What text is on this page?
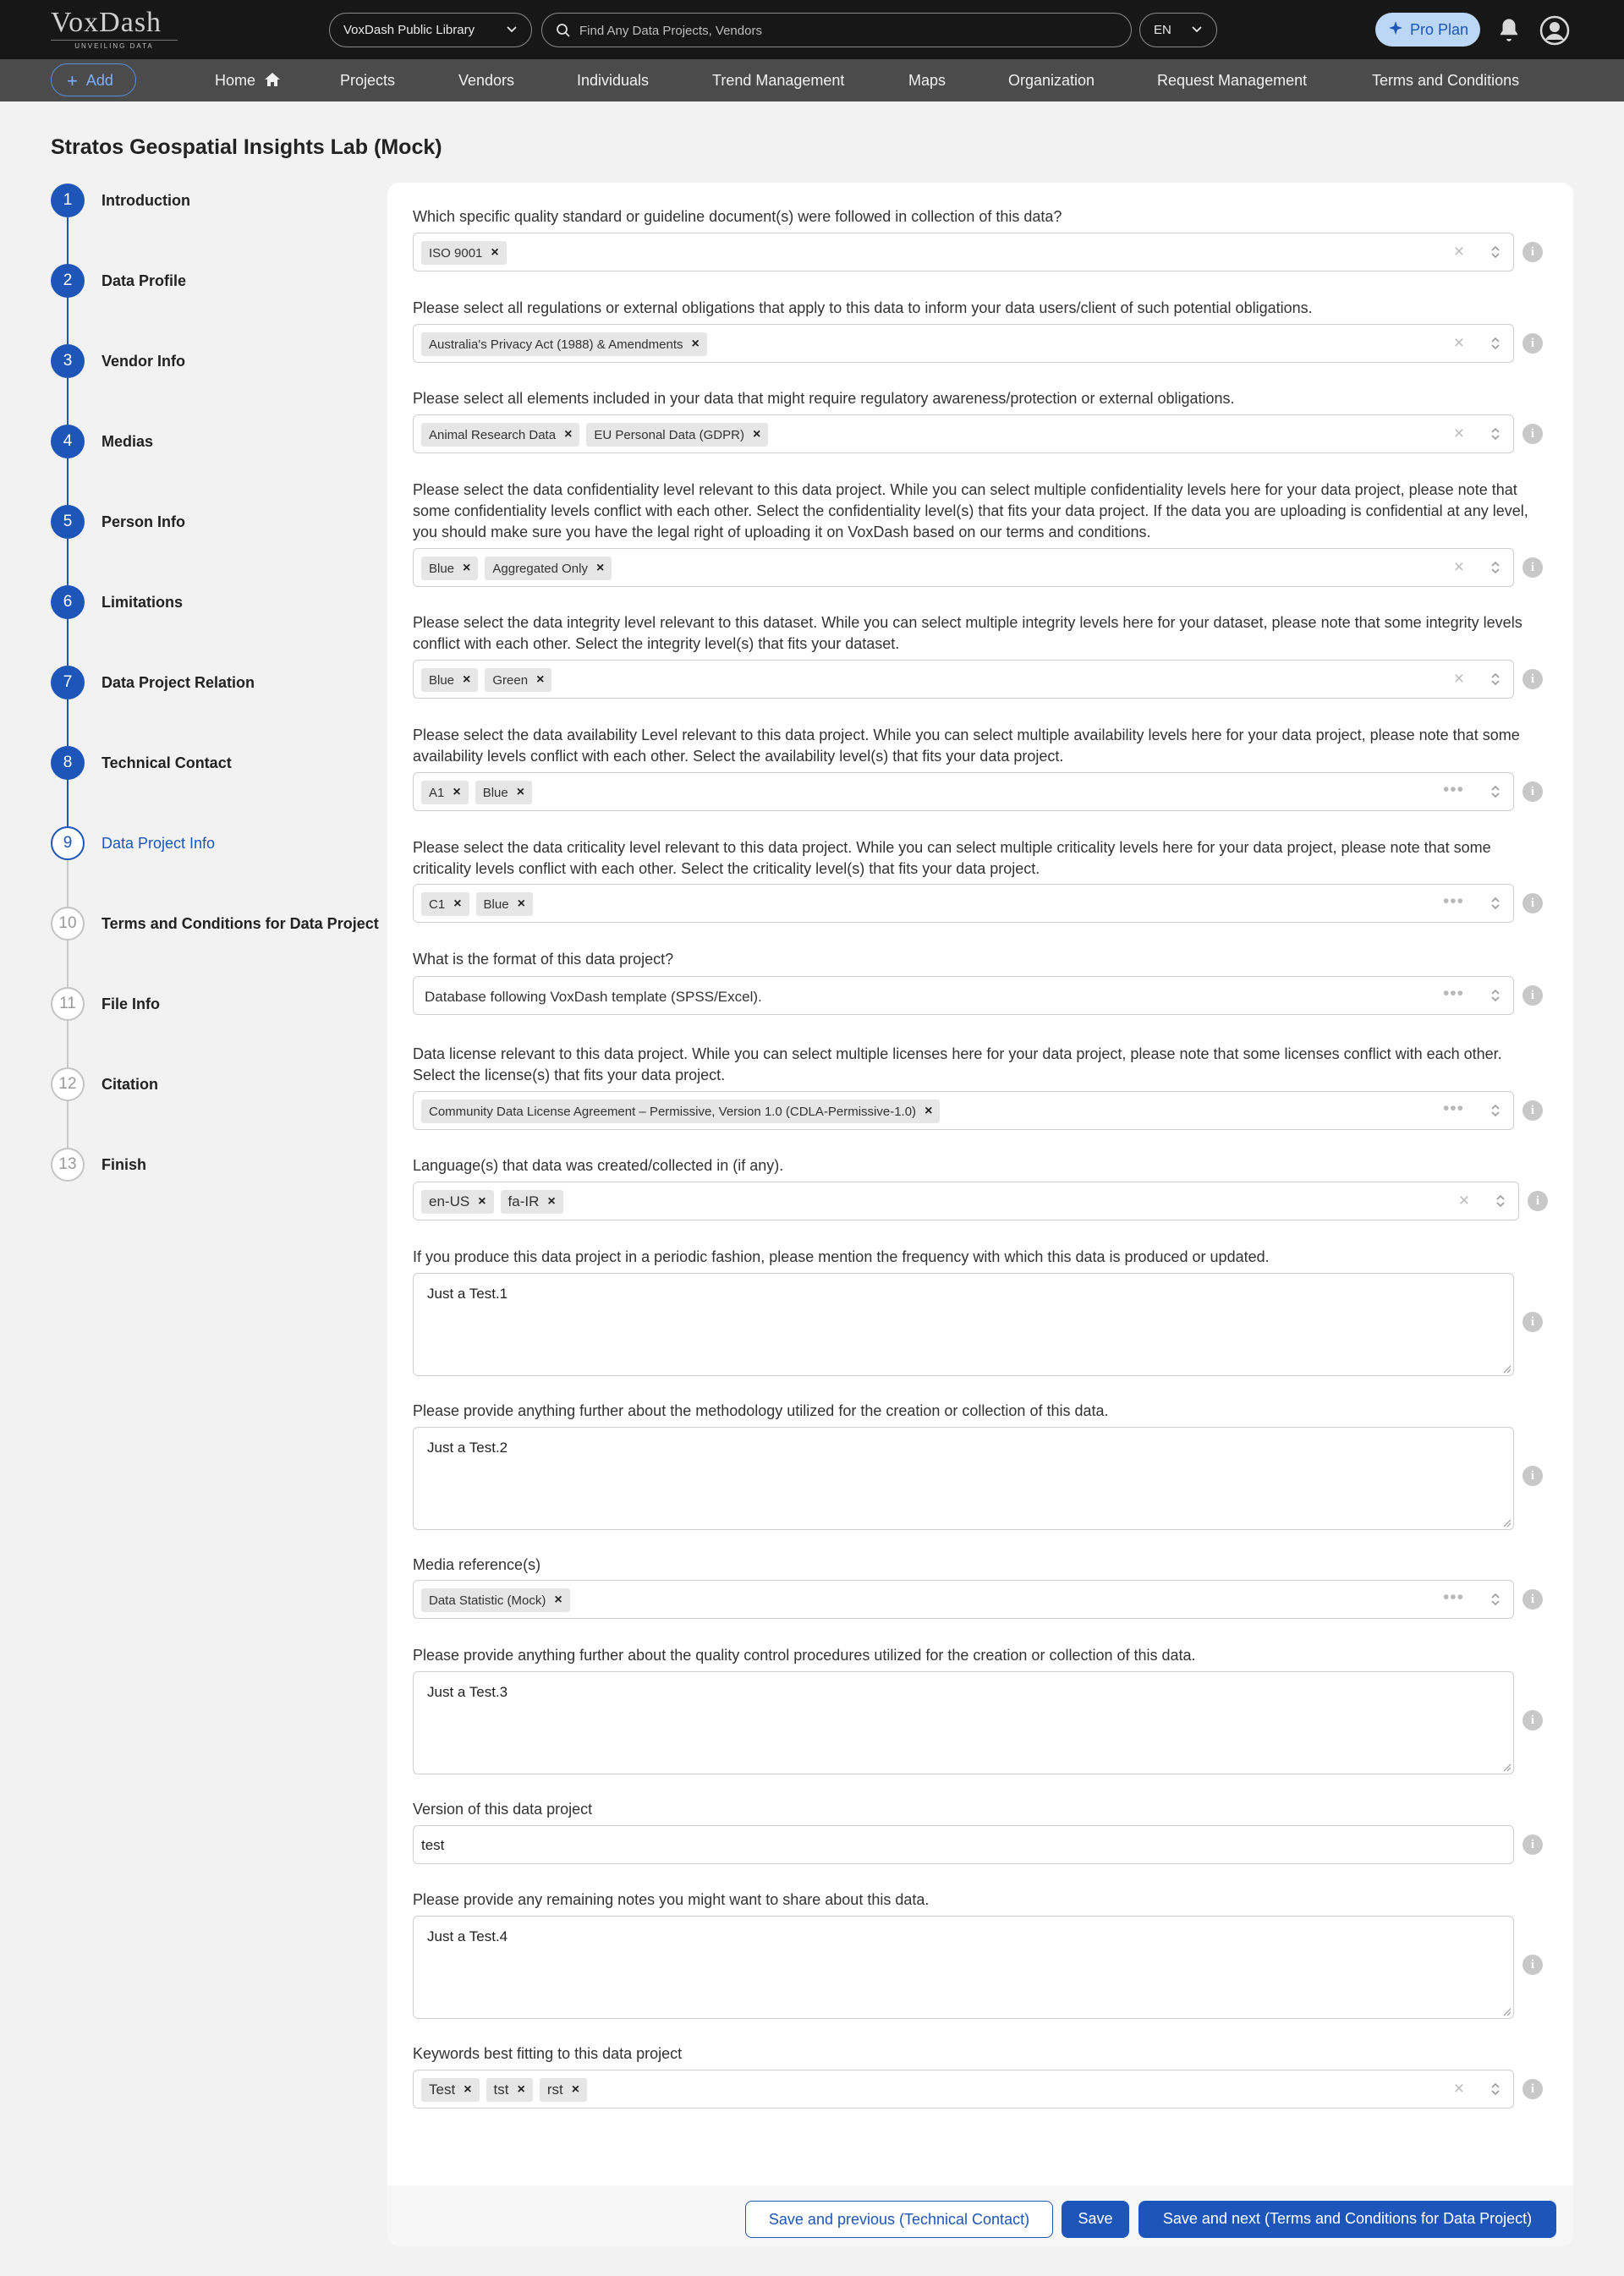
VoxDash
UNVEILING DATA
VoxDash Public Library	Find Any Data Projects, Vendors	EN	Pro Plan
+ Add	Home	Projects	Vendors	Individuals	Trend Management	Maps	Organization	Request Management	Terms and Conditions
Stratos Geospatial Insights Lab (Mock)
1	Introduction
2	Data Profile
3	Vendor Info
4	Medias
5	Person Info
6	Limitations
7	Data Project Relation
8	Technical Contact
9	Data Project Info
10	Terms and Conditions for Data Project
11	File Info
12	Citation
13	Finish
Which specific quality standard or guideline document(s) were followed in collection of this data?
ISO 9001 ×	×	i
Please select all regulations or external obligations that apply to this data to inform your data users/client of such potential obligations.
Australia's Privacy Act (1988) & Amendments ×	×	i
Please select all elements included in your data that might require regulatory awareness/protection or external obligations.
Animal Research Data × EU Personal Data (GDPR) ×	×	i
Please select the data confidentiality level relevant to this data project. While you can select multiple confidentiality levels here for your data project, please note that some confidentiality levels conflict with each other. Select the confidentiality level(s) that fits your data project. If the data you are uploading is confidential at any level, you should make sure you have the legal right of uploading it on VoxDash based on our terms and conditions.
Blue × Aggregated Only ×	×	i
Please select the data integrity level relevant to this dataset. While you can select multiple integrity levels here for your dataset, please note that some integrity levels conflict with each other. Select the integrity level(s) that fits your dataset.
Blue × Green ×	×	i
Please select the data availability Level relevant to this data project. While you can select multiple availability levels here for your data project, please note that some availability levels conflict with each other. Select the availability level(s) that fits your data project.
A1 × Blue ×	•••	i
Please select the data criticality level relevant to this data project. While you can select multiple criticality levels here for your data project, please note that some criticality levels conflict with each other. Select the criticality level(s) that fits your data project.
C1 × Blue ×	•••	i
What is the format of this data project?
Database following VoxDash template (SPSS/Excel).	•••	i
Data license relevant to this data project. While you can select multiple licenses here for your data project, please note that some licenses conflict with each other. Select the license(s) that fits your data project.
Community Data License Agreement – Permissive, Version 1.0 (CDLA-Permissive-1.0) ×	•••	i
Language(s) that data was created/collected in (if any).
en-US × fa-IR ×	×	i
If you produce this data project in a periodic fashion, please mention the frequency with which this data is produced or updated.
Just a Test.1
i
Please provide anything further about the methodology utilized for the creation or collection of this data.
Just a Test.2
i
Media reference(s)
Data Statistic (Mock) ×	•••	i
Please provide anything further about the quality control procedures utilized for the creation or collection of this data.
Just a Test.3
i
Version of this data project
test	i
Please provide any remaining notes you might want to share about this data.
Just a Test.4
i
Keywords best fitting to this data project
Test × tst × rst ×	×	i
Save and previous (Technical Contact)	Save	Save and next (Terms and Conditions for Data Project)
